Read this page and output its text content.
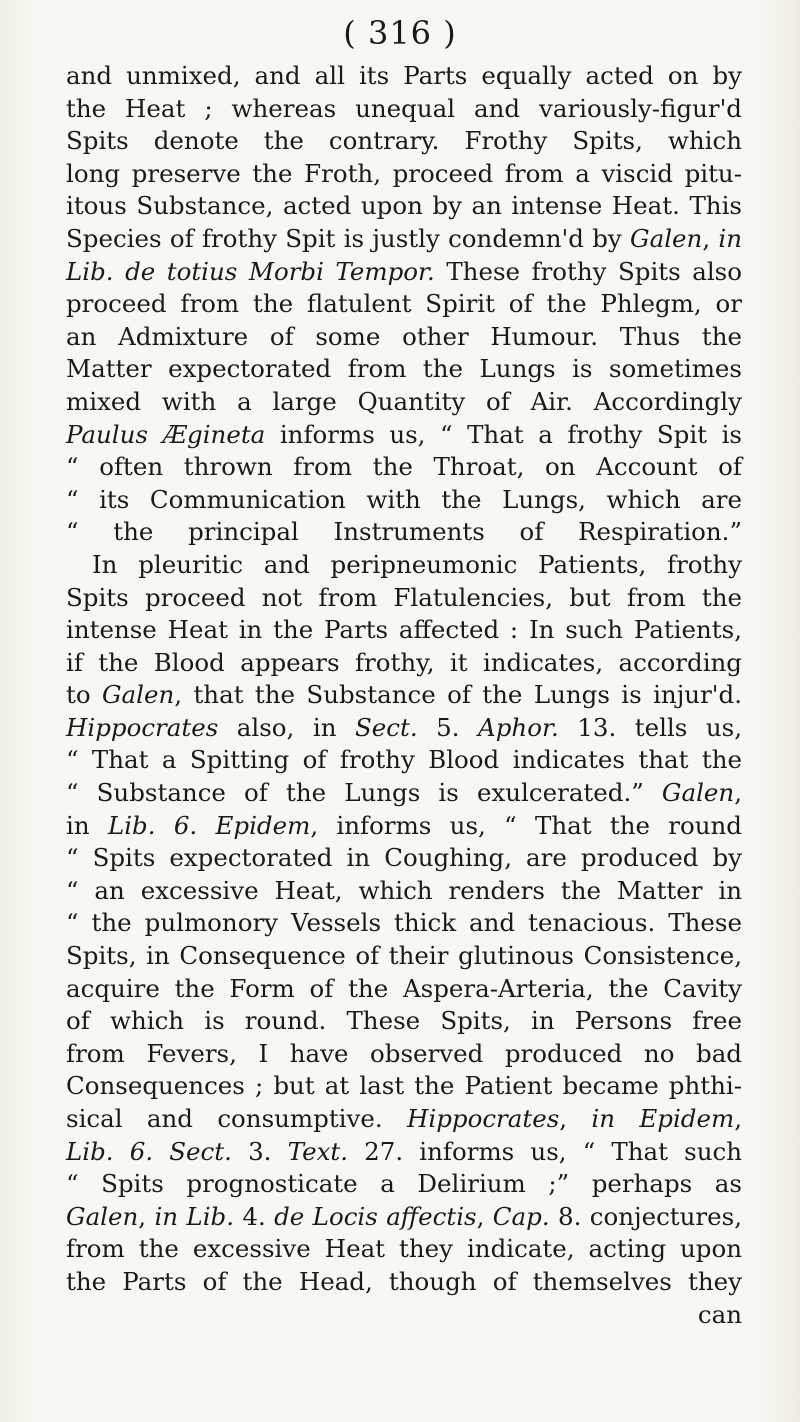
( 316 )
and unmixed, and all its Parts equally acted on by
the Heat ; whereas unequal and variously-figur'd
Spits denote the contrary. Frothy Spits, which
long preserve the Froth, proceed from a viscid pitu-
itous Substance, acted upon by an intense Heat. This
Species of frothy Spit is justly condemn'd by Galen, in
Lib. de totius Morbi Tempor. These frothy Spits also
proceed from the flatulent Spirit of the Phlegm, or
an Admixture of some other Humour. Thus the
Matter expectorated from the Lungs is sometimes
mixed with a large Quantity of Air. Accordingly
Paulus Ægineta informs us, “ That a frothy Spit is
“ often thrown from the Throat, on Account of
“ its Communication with the Lungs, which are
“ the principal Instruments of Respiration.”
In pleuritic and peripneumonic Patients, frothy
Spits proceed not from Flatulencies, but from the
intense Heat in the Parts affected : In such Patients,
if the Blood appears frothy, it indicates, according
to Galen, that the Substance of the Lungs is injur'd.
Hippocrates also, in Sect. 5. Aphor. 13. tells us,
“ That a Spitting of frothy Blood indicates that the
“ Substance of the Lungs is exulcerated.” Galen,
in Lib. 6. Epidem, informs us, “ That the round
“ Spits expectorated in Coughing, are produced by
“ an excessive Heat, which renders the Matter in
“ the pulmonory Vessels thick and tenacious. These
Spits, in Consequence of their glutinous Consistence,
acquire the Form of the Aspera-Arteria, the Cavity
of which is round. These Spits, in Persons free
from Fevers, I have observed produced no bad
Consequences ; but at last the Patient became phthi-
sical and consumptive. Hippocrates, in Epidem,
Lib. 6. Sect. 3. Text. 27. informs us, “ That such
“ Spits prognosticate a Delirium ;” perhaps as
Galen, in Lib. 4. de Locis affectis, Cap. 8. conjectures,
from the excessive Heat they indicate, acting upon
the Parts of the Head, though of themselves they
can
